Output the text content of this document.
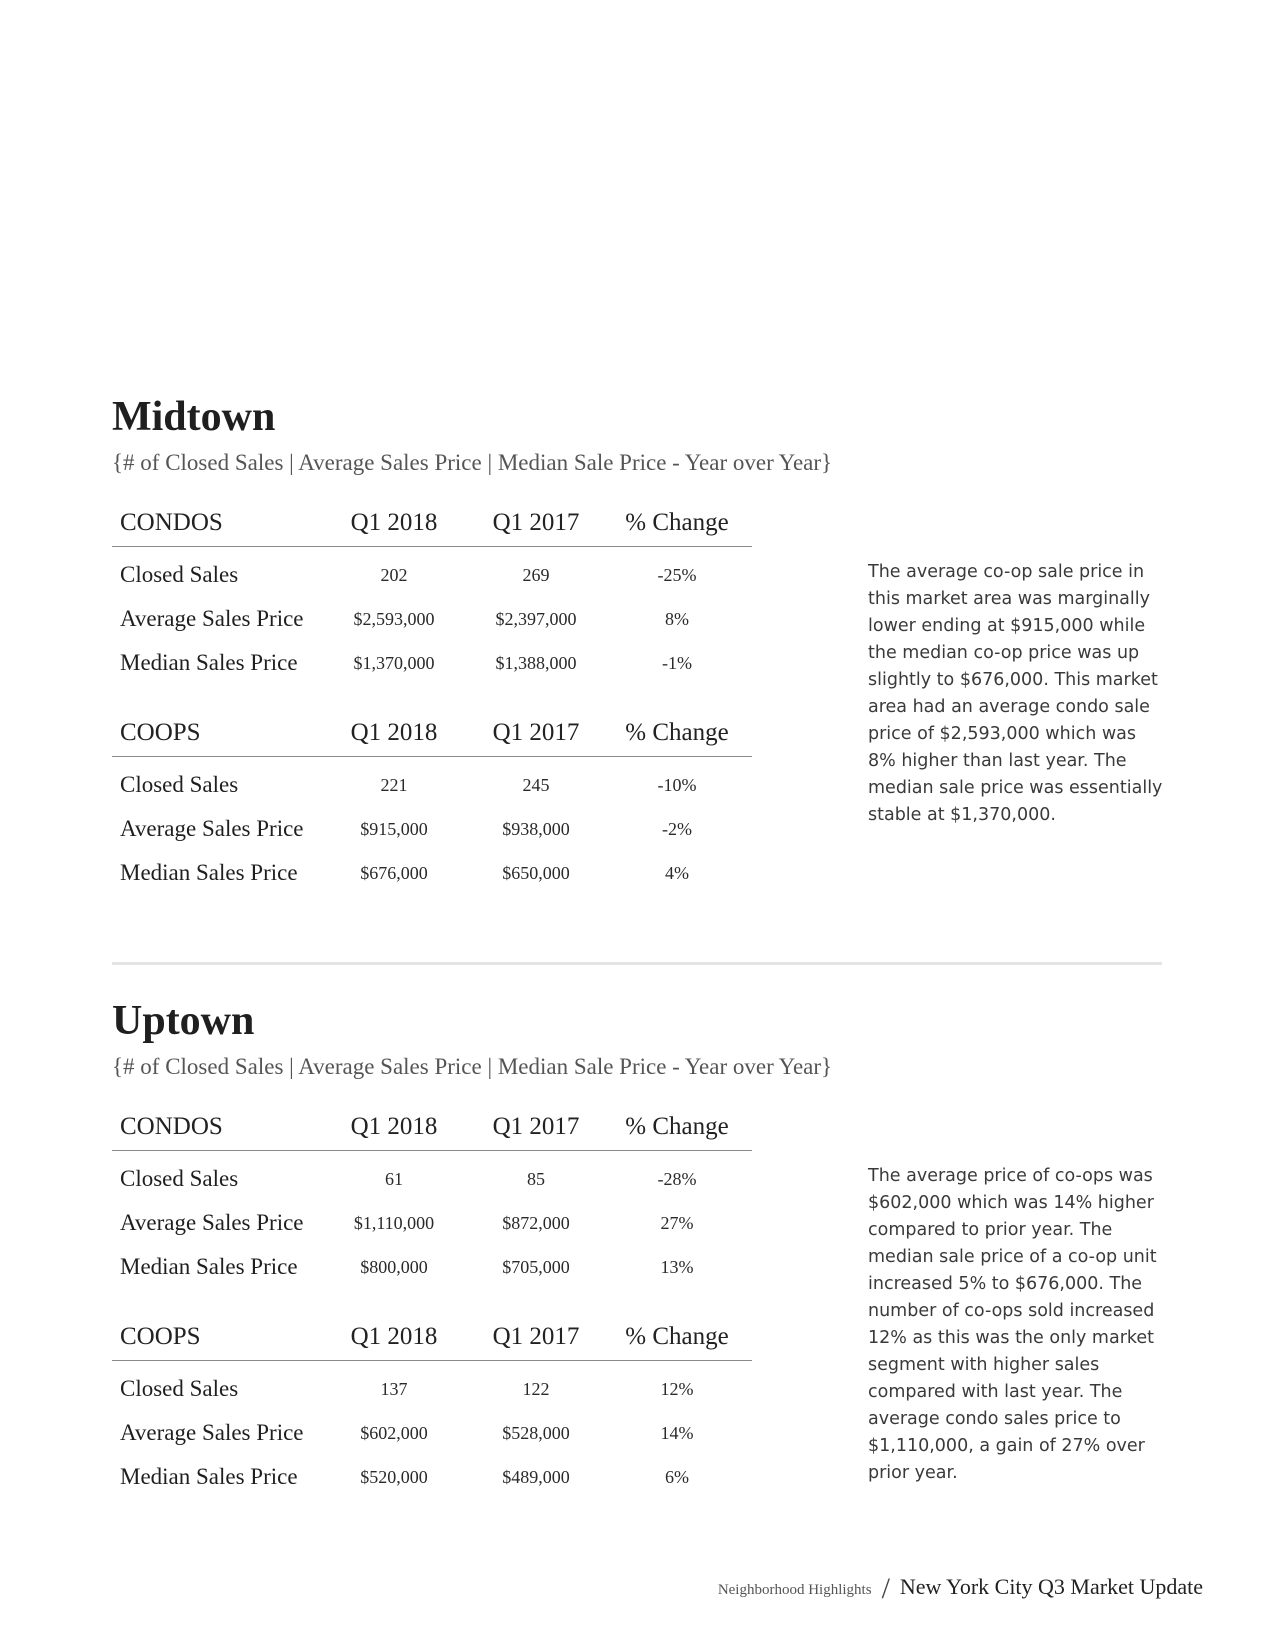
Midtown
{# of Closed Sales | Average Sales Price | Median Sale Price - Year over Year}
CONDOS	Q1 2018	Q1 2017	% Change
Closed Sales	202	269	-25%
Average Sales Price	$2,593,000	$2,397,000	8%
Median Sales Price	$1,370,000	$1,388,000	-1%
COOPS	Q1 2018	Q1 2017	% Change
Closed Sales	221	245	-10%
Average Sales Price	$915,000	$938,000	-2%
Median Sales Price	$676,000	$650,000	4%
The average co-op sale price in this market area was marginally lower ending at $915,000 while the median co-op price was up slightly to $676,000. This market area had an average condo sale price of $2,593,000 which was 8% higher than last year. The median sale price was essentially stable at $1,370,000.
Uptown
{# of Closed Sales | Average Sales Price | Median Sale Price - Year over Year}
CONDOS	Q1 2018	Q1 2017	% Change
Closed Sales	61	85	-28%
Average Sales Price	$1,110,000	$872,000	27%
Median Sales Price	$800,000	$705,000	13%
COOPS	Q1 2018	Q1 2017	% Change
Closed Sales	137	122	12%
Average Sales Price	$602,000	$528,000	14%
Median Sales Price	$520,000	$489,000	6%
The average price of co-ops was $602,000 which was 14% higher compared to prior year. The median sale price of a co-op unit increased 5% to $676,000. The number of co-ops sold increased 12% as this was the only market segment with higher sales compared with last year. The average condo sales price to $1,110,000, a gain of 27% over prior year.
Neighborhood Highlights / New York City Q3 Market Update
